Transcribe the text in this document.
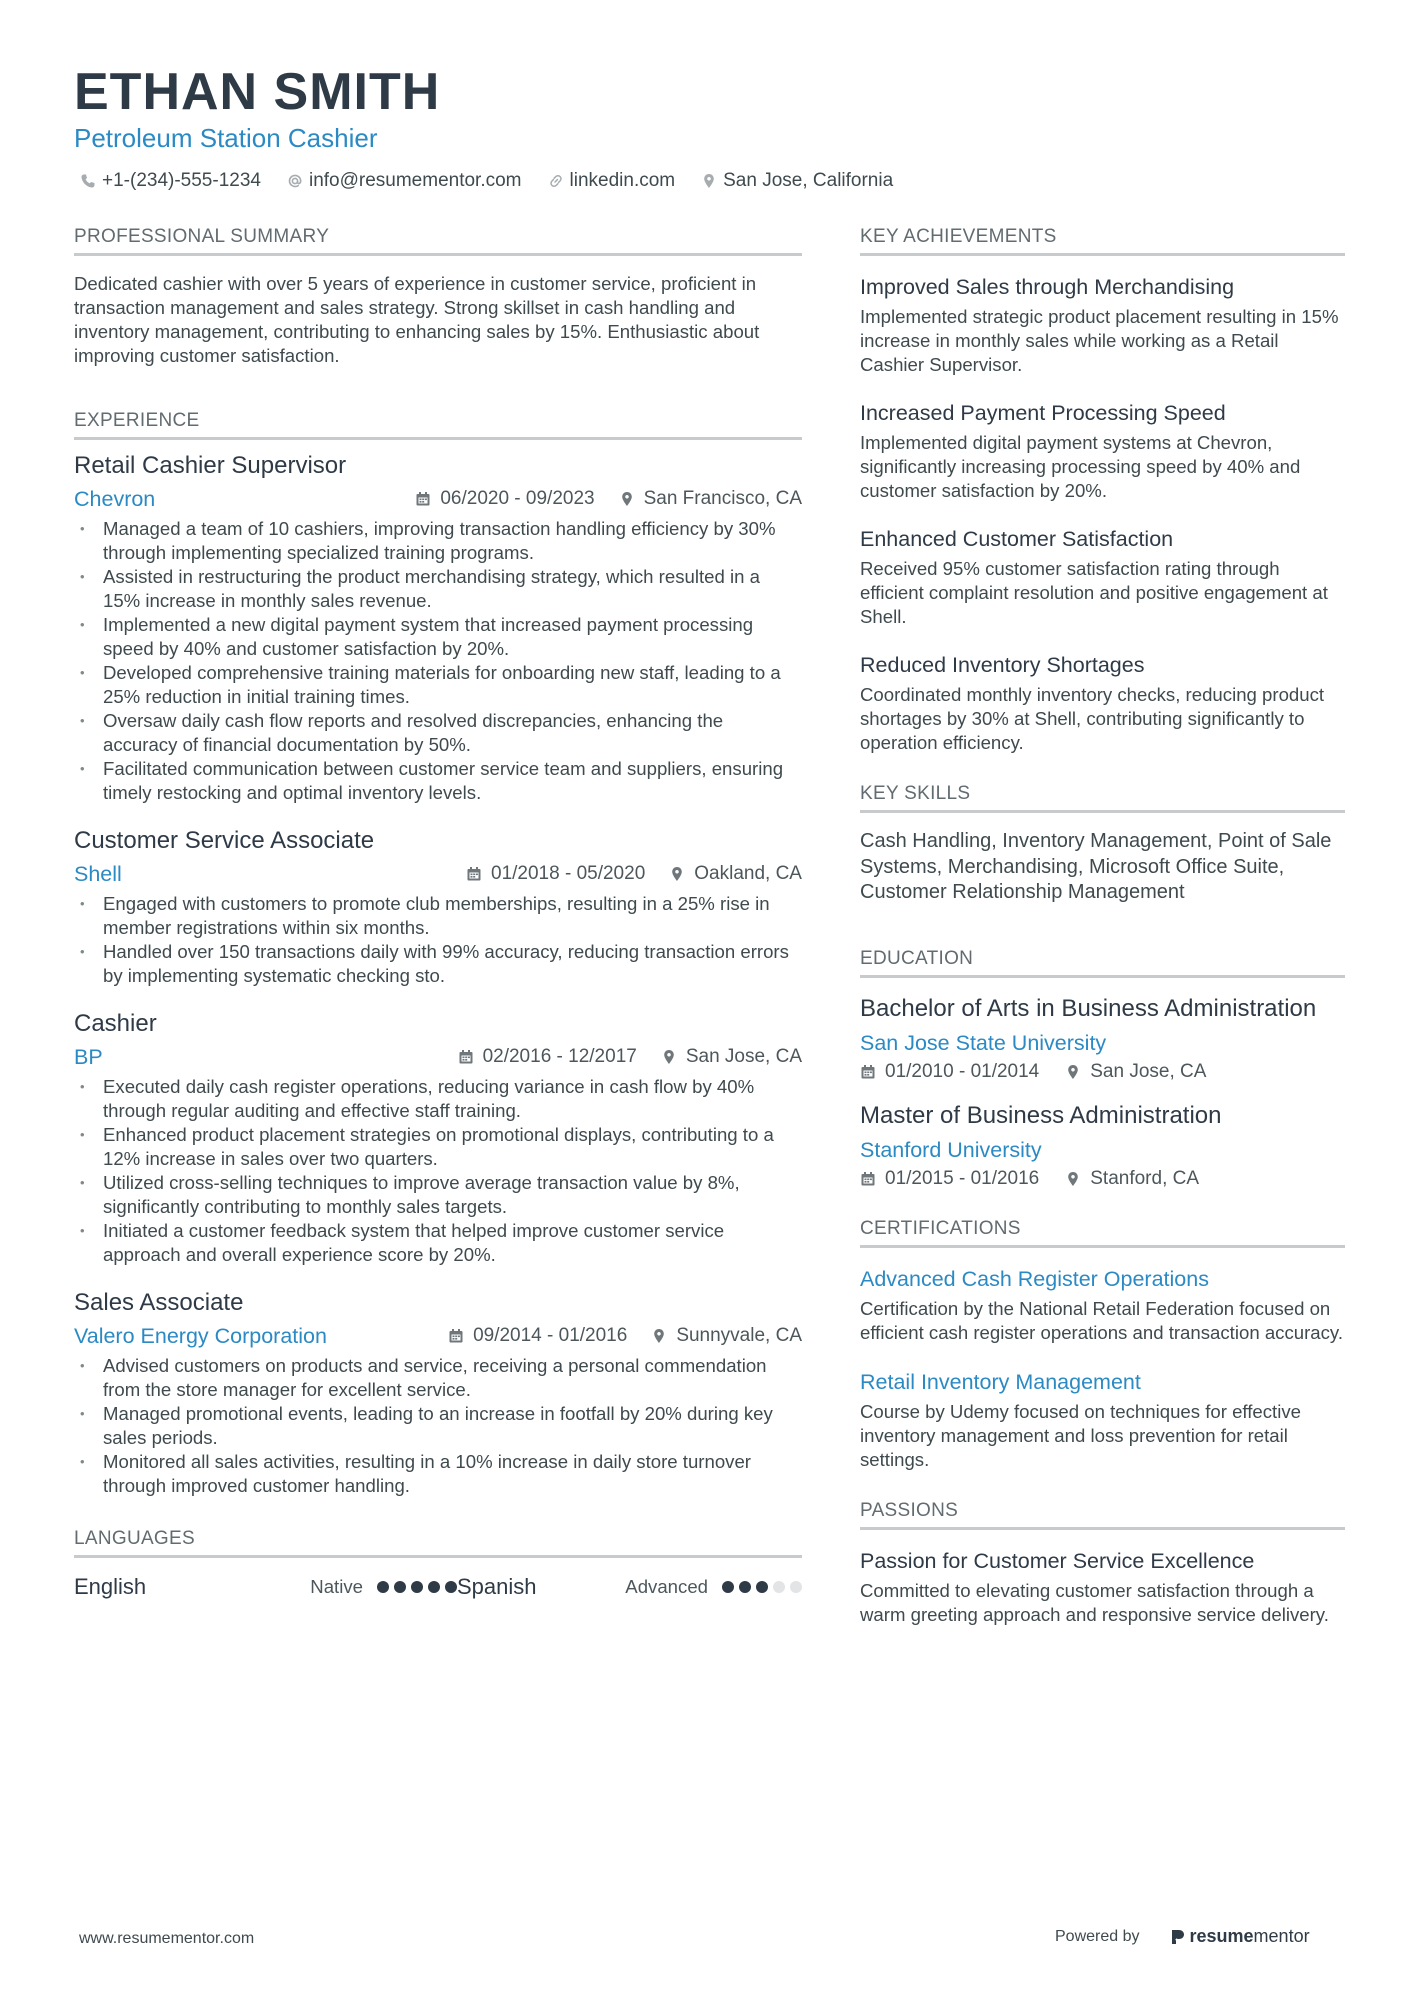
ETHAN SMITH
Petroleum Station Cashier
+1-(234)-555-1234	info@resumementor.com	linkedin.com	San Jose, California
PROFESSIONAL SUMMARY
Dedicated cashier with over 5 years of experience in customer service, proficient in transaction management and sales strategy. Strong skillset in cash handling and inventory management, contributing to enhancing sales by 15%. Enthusiastic about improving customer satisfaction.
EXPERIENCE
Retail Cashier Supervisor
Chevron	06/2020 - 09/2023	San Francisco, CA
• Managed a team of 10 cashiers, improving transaction handling efficiency by 30% through implementing specialized training programs.
• Assisted in restructuring the product merchandising strategy, which resulted in a 15% increase in monthly sales revenue.
• Implemented a new digital payment system that increased payment processing speed by 40% and customer satisfaction by 20%.
• Developed comprehensive training materials for onboarding new staff, leading to a 25% reduction in initial training times.
• Oversaw daily cash flow reports and resolved discrepancies, enhancing the accuracy of financial documentation by 50%.
• Facilitated communication between customer service team and suppliers, ensuring timely restocking and optimal inventory levels.
Customer Service Associate
Shell	01/2018 - 05/2020	Oakland, CA
• Engaged with customers to promote club memberships, resulting in a 25% rise in member registrations within six months.
• Handled over 150 transactions daily with 99% accuracy, reducing transaction errors by implementing systematic checking sto.
Cashier
BP	02/2016 - 12/2017	San Jose, CA
• Executed daily cash register operations, reducing variance in cash flow by 40% through regular auditing and effective staff training.
• Enhanced product placement strategies on promotional displays, contributing to a 12% increase in sales over two quarters.
• Utilized cross-selling techniques to improve average transaction value by 8%, significantly contributing to monthly sales targets.
• Initiated a customer feedback system that helped improve customer service approach and overall experience score by 20%.
Sales Associate
Valero Energy Corporation	09/2014 - 01/2016	Sunnyvale, CA
• Advised customers on products and service, receiving a personal commendation from the store manager for excellent service.
• Managed promotional events, leading to an increase in footfall by 20% during key sales periods.
• Monitored all sales activities, resulting in a 10% increase in daily store turnover through improved customer handling.
LANGUAGES
English	Native	Spanish	Advanced
KEY ACHIEVEMENTS
Improved Sales through Merchandising
Implemented strategic product placement resulting in 15% increase in monthly sales while working as a Retail Cashier Supervisor.
Increased Payment Processing Speed
Implemented digital payment systems at Chevron, significantly increasing processing speed by 40% and customer satisfaction by 20%.
Enhanced Customer Satisfaction
Received 95% customer satisfaction rating through efficient complaint resolution and positive engagement at Shell.
Reduced Inventory Shortages
Coordinated monthly inventory checks, reducing product shortages by 30% at Shell, contributing significantly to operation efficiency.
KEY SKILLS
Cash Handling, Inventory Management, Point of Sale Systems, Merchandising, Microsoft Office Suite, Customer Relationship Management
EDUCATION
Bachelor of Arts in Business Administration
San Jose State University
01/2010 - 01/2014	San Jose, CA
Master of Business Administration
Stanford University
01/2015 - 01/2016	Stanford, CA
CERTIFICATIONS
Advanced Cash Register Operations
Certification by the National Retail Federation focused on efficient cash register operations and transaction accuracy.
Retail Inventory Management
Course by Udemy focused on techniques for effective inventory management and loss prevention for retail settings.
PASSIONS
Passion for Customer Service Excellence
Committed to elevating customer satisfaction through a warm greeting approach and responsive service delivery.
www.resumementor.com	Powered by	resume mentor
